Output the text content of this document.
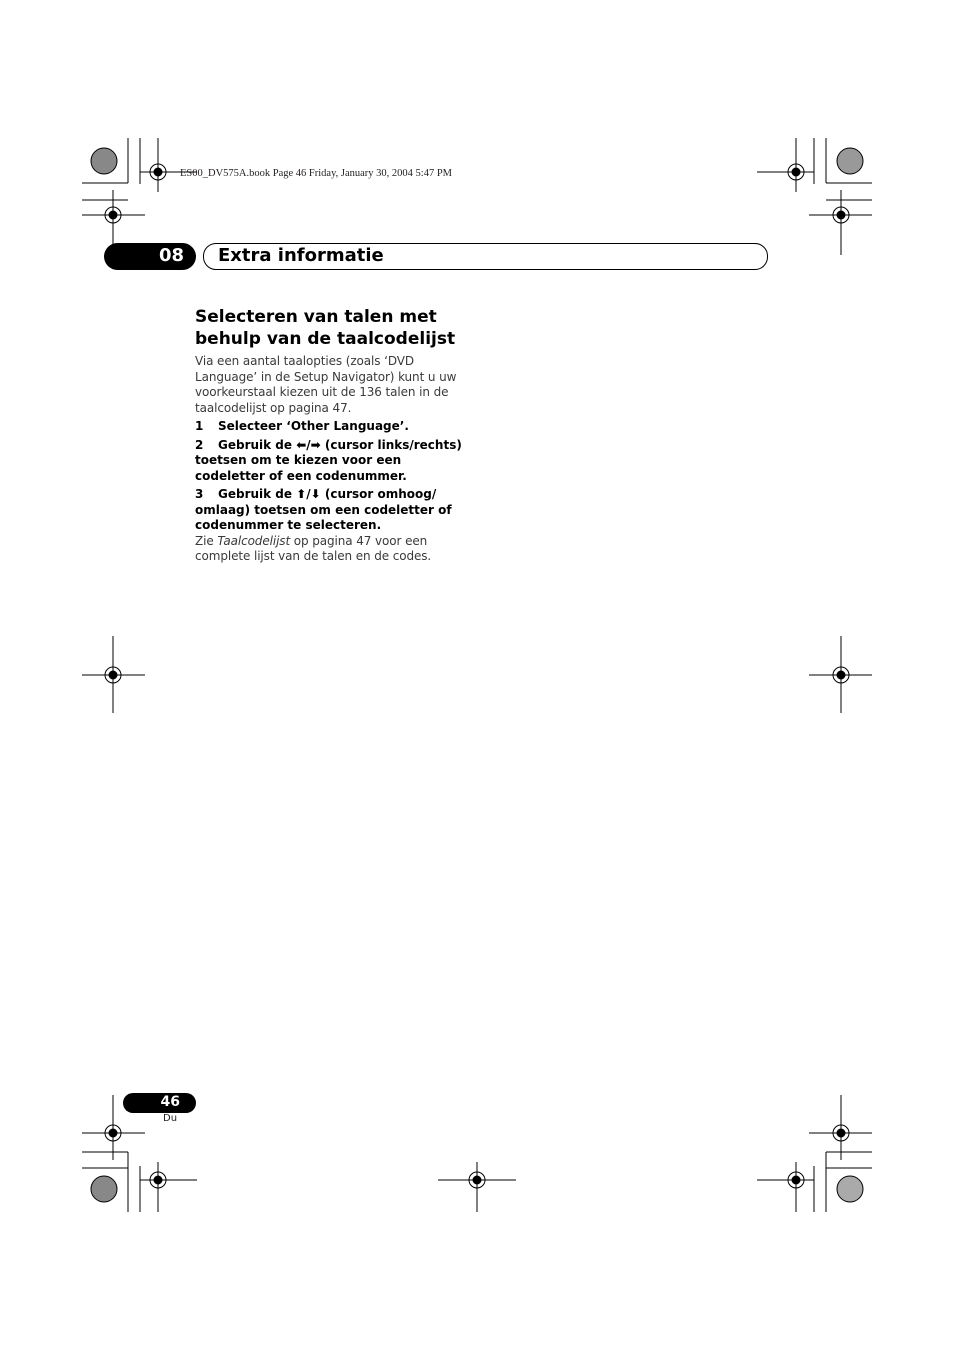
ES00_DV575A.book Page 46 Friday, January 30, 2004 5:47 PM
08 Extra informatie
Selecteren van talen met
behulp van de taalcodelijst

Via een aantal taalopties (zoals ‘DVD Language’ in de Setup Navigator) kunt u uw voorkeurstaal kiezen uit de 136 talen in de taalcodelijst op pagina 47.

1 Selecteer ‘Other Language’.

2 Gebruik de ⬅/➡ (cursor links/rechts) toetsen om te kiezen voor een codeletter of een codenummer.

3 Gebruik de ⬆/⬇ (cursor omhoog/ omlaag) toetsen om een codeletter of codenummer te selecteren.

Zie Taalcodelijst op pagina 47 voor een complete lijst van de talen en de codes.

46
Du
